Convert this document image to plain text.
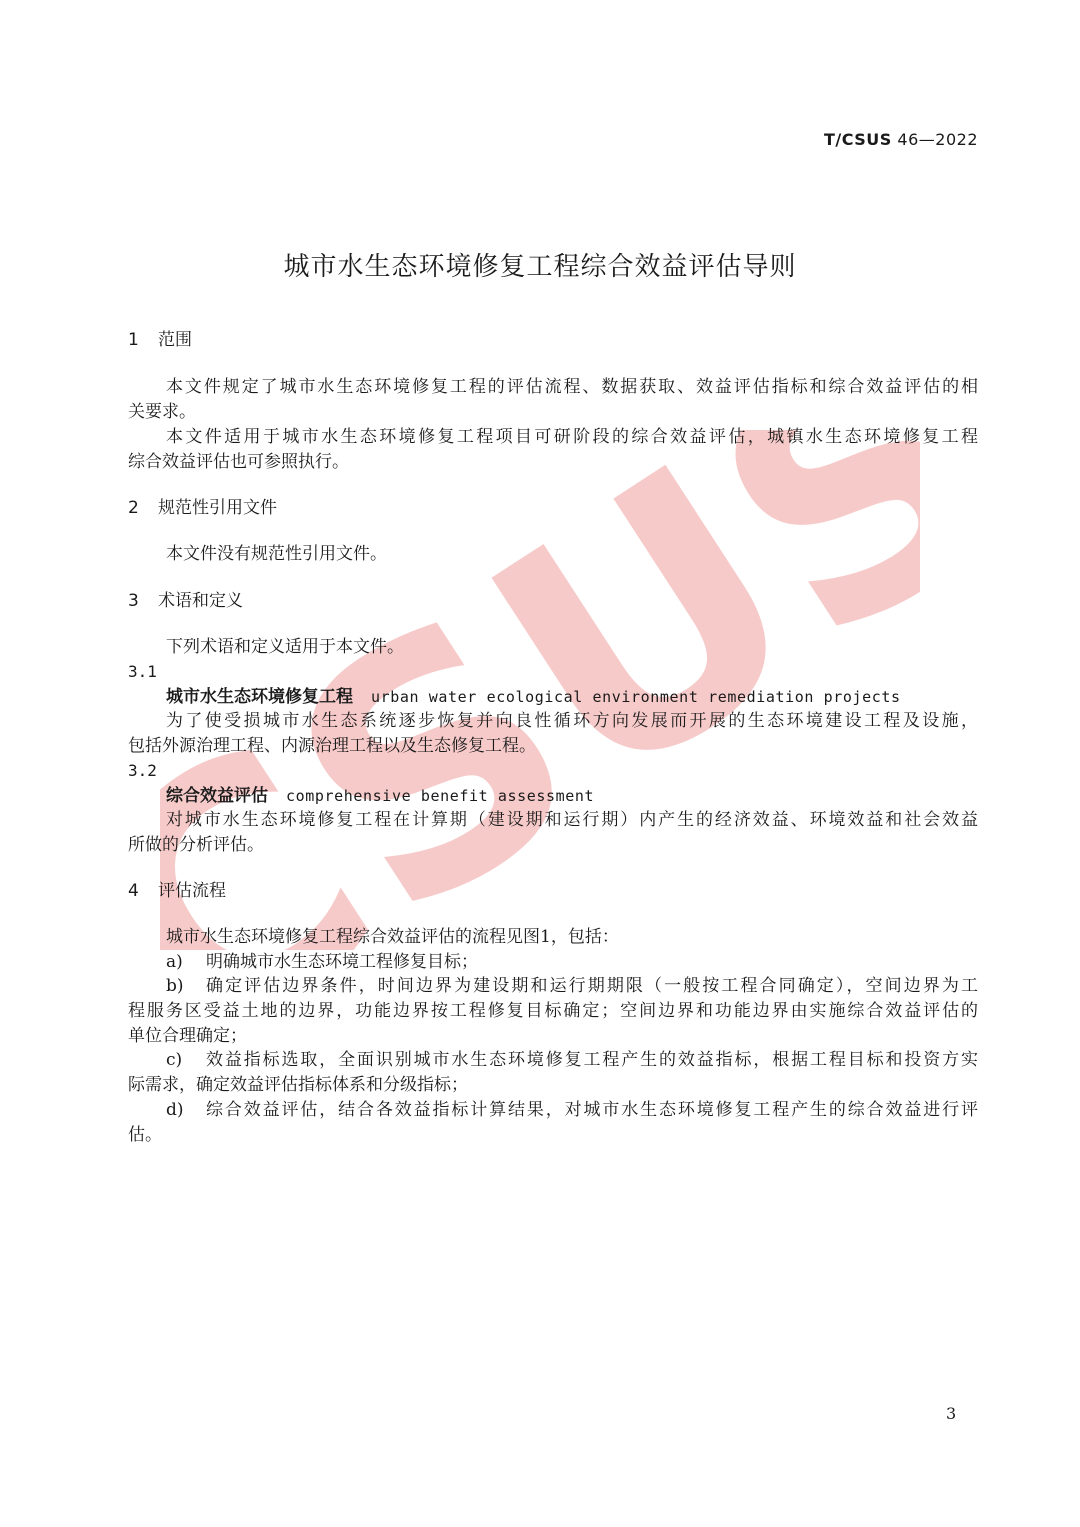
CSUS
T/CSUS 46—2022
城市水生态环境修复工程综合效益评估导则
1 范围
本文件规定了城市水生态环境修复工程的评估流程、数据获取、效益评估指标和综合效益评估的相
关要求。
本文件适用于城市水生态环境修复工程项目可研阶段的综合效益评估，城镇水生态环境修复工程
综合效益评估也可参照执行。
2 规范性引用文件
本文件没有规范性引用文件。
3 术语和定义
下列术语和定义适用于本文件。
3.1
城市水生态环境修复工程 urban water ecological environment remediation projects
为了使受损城市水生态系统逐步恢复并向良性循环方向发展而开展的生态环境建设工程及设施，
包括外源治理工程、内源治理工程以及生态修复工程。
3.2
综合效益评估 comprehensive benefit assessment
对城市水生态环境修复工程在计算期（建设期和运行期）内产生的经济效益、环境效益和社会效益
所做的分析评估。
4 评估流程
城市水生态环境修复工程综合效益评估的流程见图1，包括：
a) 明确城市水生态环境工程修复目标；
b)	确定评估边界条件，时间边界为建设期和运行期期限（一般按工程合同确定），空间边界为工
程服务区受益土地的边界，功能边界按工程修复目标确定；空间边界和功能边界由实施综合效益评估的
单位合理确定；
c)	效益指标选取，全面识别城市水生态环境修复工程产生的效益指标，根据工程目标和投资方实
际需求，确定效益评估指标体系和分级指标；
d)	综合效益评估，结合各效益指标计算结果，对城市水生态环境修复工程产生的综合效益进行评
估。
3
